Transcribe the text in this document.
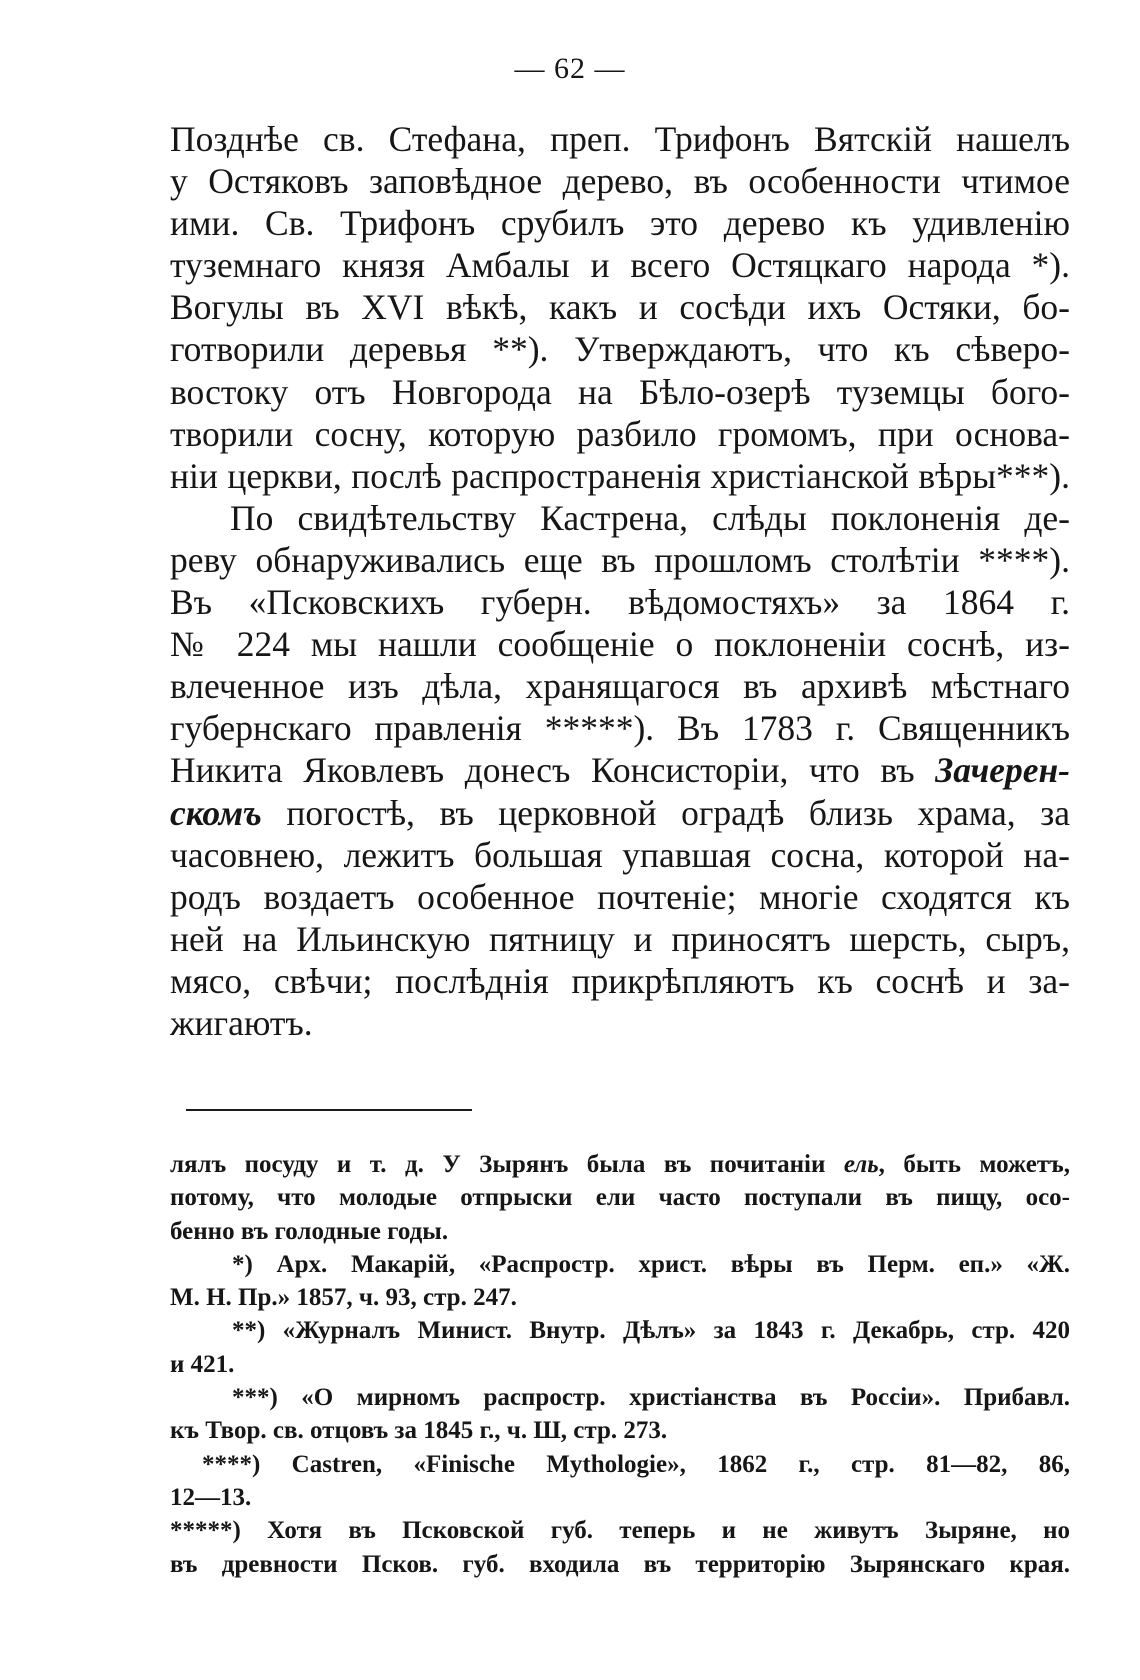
— 62 —
Позднѣе св. Стефана, преп. Трифонъ Вятскій нашелъ
у Остяковъ заповѣдное дерево, въ особенности чтимое
ими. Св. Трифонъ срубилъ это дерево къ удивленію
туземнаго князя Амбалы и всего Остяцкаго народа *).
Вогулы въ XVI вѣкѣ, какъ и сосѣди ихъ Остяки, бо-
готворили деревья **). Утверждаютъ, что къ сѣверо-
востоку отъ Новгорода на Бѣло-озерѣ туземцы бого-
творили сосну, которую разбило громомъ, при основа-
ніи церкви, послѣ распространенія христіанской вѣры***).
По свидѣтельству Кастрена, слѣды поклоненія де-
реву обнаруживались еще въ прошломъ столѣтіи ****).
Въ «Псковскихъ губерн. вѣдомостяхъ» за 1864 г.
№ 224 мы нашли сообщеніе о поклоненіи соснѣ, из-
влеченное изъ дѣла, хранящагося въ архивѣ мѣстнаго
губернскаго правленія *****). Въ 1783 г. Священникъ
Никита Яковлевъ донесъ Консисторіи, что въ Зачерен-
скомъ погостѣ, въ церковной оградѣ близь храма, за
часовнею, лежитъ большая упавшая сосна, которой на-
родъ воздаетъ особенное почтеніе; многіе сходятся къ
ней на Ильинскую пятницу и приносятъ шерсть, сыръ,
мясо, свѣчи; послѣднія прикрѣпляютъ къ соснѣ и за-
жигаютъ.
лялъ посуду и т. д. У Зырянъ была въ почитаніи ель, быть можетъ,
потому, что молодые отпрыски ели часто поступали въ пищу, осо-
бенно въ голодные годы.
*) Арх. Макарій, «Распростр. христ. вѣры въ Перм. еп.» «Ж.
М. Н. Пр.» 1857, ч. 93, стр. 247.
**) «Журналъ Минист. Внутр. Дѣлъ» за 1843 г. Декабрь, стр. 420
и 421.
***) «О мирномъ распростр. христіанства въ Россіи». Прибавл.
къ Твор. св. отцовъ за 1845 г., ч. Ш, стр. 273.
****) Castren, «Finische Mythologie», 1862 г., стр. 81—82, 86,
12—13.
*****) Хотя въ Псковской губ. теперь и не живутъ Зыряне, но
въ древности Псков. губ. входила въ территорію Зырянскаго края.
